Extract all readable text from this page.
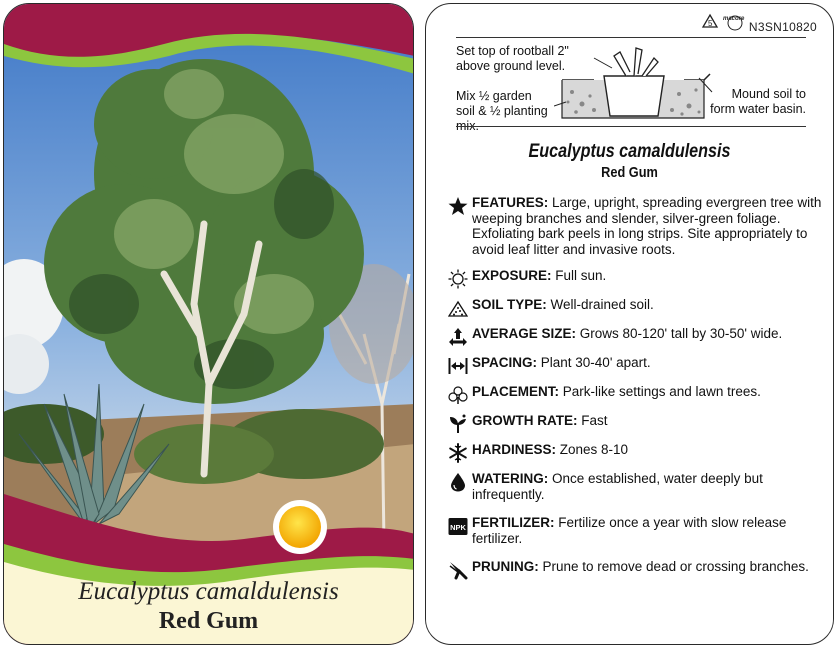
Eucalyptus camaldulensis
Red Gum
5 macore
N3SN10820
Set top of rootball 2" above ground level.
Mix ½ garden soil & ½ planting mix.
Mound soil to form water basin.
Eucalyptus camaldulensis
Red Gum
FEATURES: Large, upright, spreading evergreen tree with weeping branches and slender, silver-green foliage. Exfoliating bark peels in long strips. Site appropriately to avoid leaf litter and invasive roots.
EXPOSURE: Full sun.
SOIL TYPE: Well-drained soil.
AVERAGE SIZE: Grows 80-120' tall by 30-50' wide.
SPACING: Plant 30-40' apart.
PLACEMENT: Park-like settings and lawn trees.
GROWTH RATE: Fast
HARDINESS: Zones 8-10
WATERING: Once established, water deeply but infrequently.
NPK FERTILIZER: Fertilize once a year with slow release fertilizer.
PRUNING: Prune to remove dead or crossing branches.
